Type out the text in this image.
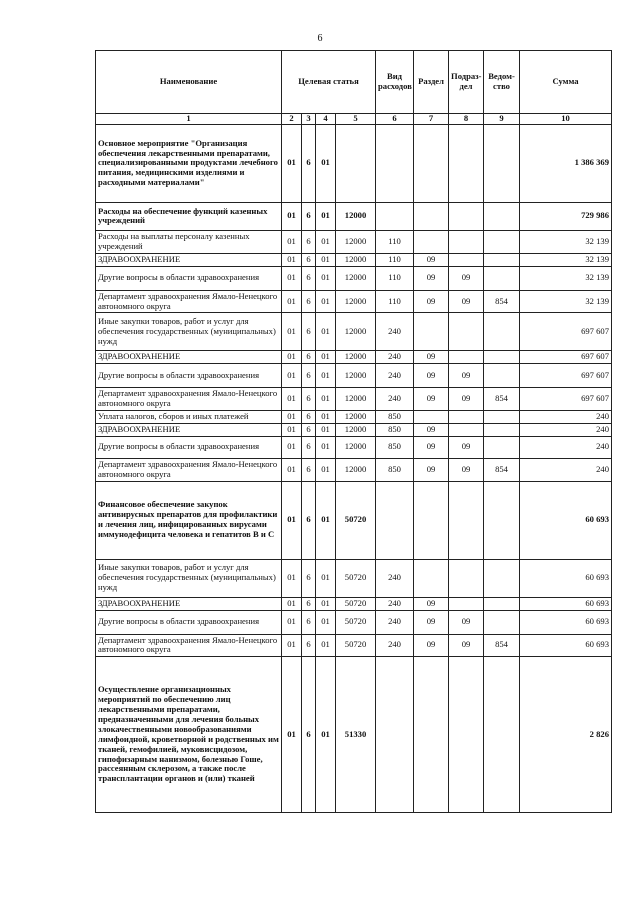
6
Наименование	Целевая статья				Вид расходов	Раздел	Подраз-дел	Ведом-ство	Сумма
1	2	3	4	5	6	7	8	9	10
Основное мероприятие "Организация обеспечения лекарственными препаратами, специализированными продуктами лечебного питания, медицинскими изделиями и расходными материалами"	01	6	01						1 386 369
Расходы на обеспечение функций казенных учреждений	01	6	01	12000					729 986
Расходы на выплаты персоналу казенных учреждений	01	6	01	12000	110				32 139
ЗДРАВООХРАНЕНИЕ	01	6	01	12000	110	09			32 139
Другие вопросы в области здравоохранения	01	6	01	12000	110	09	09		32 139
Департамент здравоохранения Ямало-Ненецкого автономного округа	01	6	01	12000	110	09	09	854	32 139
Иные закупки товаров, работ и услуг для обеспечения государственных (муниципальных) нужд	01	6	01	12000	240				697 607
ЗДРАВООХРАНЕНИЕ	01	6	01	12000	240	09			697 607
Другие вопросы в области здравоохранения	01	6	01	12000	240	09	09		697 607
Департамент здравоохранения Ямало-Ненецкого автономного округа	01	6	01	12000	240	09	09	854	697 607
Уплата налогов, сборов и иных платежей	01	6	01	12000	850				240
ЗДРАВООХРАНЕНИЕ	01	6	01	12000	850	09			240
Другие вопросы в области здравоохранения	01	6	01	12000	850	09	09		240
Департамент здравоохранения Ямало-Ненецкого автономного округа	01	6	01	12000	850	09	09	854	240
Финансовое обеспечение закупок антивирусных препаратов для профилактики и лечения лиц, инфицированных вирусами иммунодефицита человека и гепатитов B и C	01	6	01	50720					60 693
Иные закупки товаров, работ и услуг для обеспечения государственных (муниципальных) нужд	01	6	01	50720	240				60 693
ЗДРАВООХРАНЕНИЕ	01	6	01	50720	240	09			60 693
Другие вопросы в области здравоохранения	01	6	01	50720	240	09	09		60 693
Департамент здравоохранения Ямало-Ненецкого автономного округа	01	6	01	50720	240	09	09	854	60 693
Осуществление организационных мероприятий по обеспечению лиц лекарственными препаратами, предназначенными для лечения больных злокачественными новообразованиями лимфоидной, кроветворной и родственных им тканей, гемофилией, муковисцидозом, гипофизарным нанизмом, болезнью Гоше, рассеянным склерозом, а также после трансплантации органов и (или) тканей	01	6	01	51330					2 826
